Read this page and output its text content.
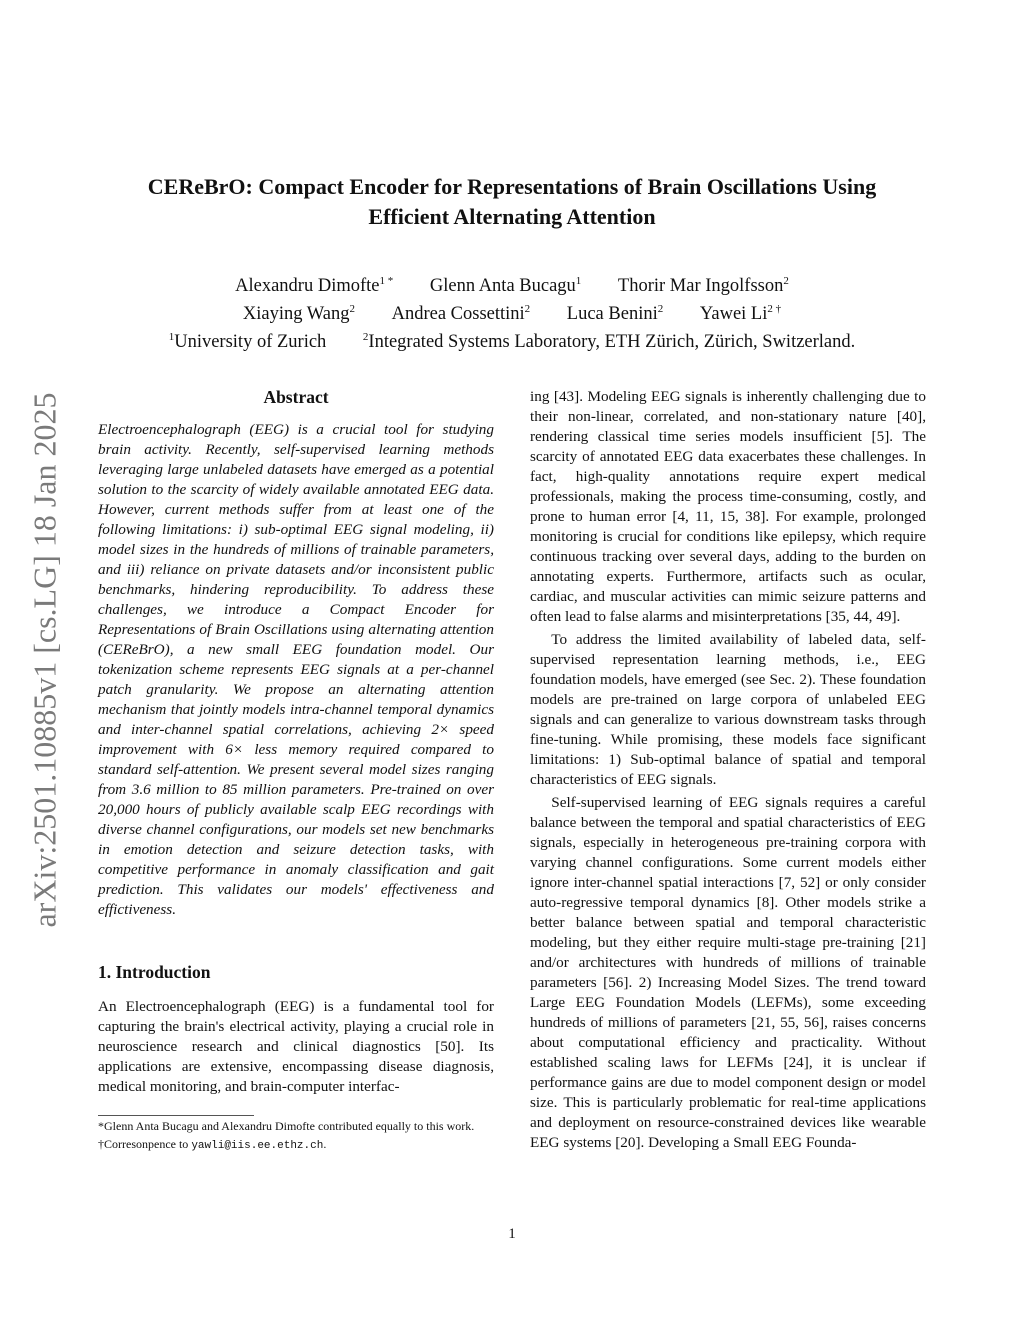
arXiv:2501.10885v1 [cs.LG] 18 Jan 2025
CEReBrO: Compact Encoder for Representations of Brain Oscillations Using
Efficient Alternating Attention
Alexandru Dimofte$^{1 *}$ Glenn Anta Bucagu$^1$ Thorir Mar Ingolfsson$^2$
Xiaying Wang$^2$ Andrea Cossettini$^2$ Luca Benini$^2$ Yawei $Li^{2 \dagger}$
$^1$University of Zurich	$^2$Integrated Systems Laboratory, ETH Zürich, Zürich, Switzerland.
Abstract

Electroencephalograph (EEG) is a crucial tool for studying brain activity. Recently, self-supervised learning methods leveraging large unlabeled datasets have emerged as a potential solution to the scarcity of widely available annotated EEG data. However, current methods suffer from at least one of the following limitations: i) sub-optimal EEG signal modeling, ii) model sizes in the hundreds of millions of trainable parameters, and iii) reliance on private datasets and/or inconsistent public benchmarks, hindering reproducibility. To address these challenges, we introduce a Compact Encoder for Representations of Brain Oscillations using alternating attention (CEReBrO), a new small EEG foundation model. Our tokenization scheme represents EEG signals at a per-channel patch granularity. We propose an alternating attention mechanism that jointly models intra-channel temporal dynamics and inter-channel spatial correlations, achieving 2× speed improvement with 6× less memory required compared to standard self-attention. We present several model sizes ranging from 3.6 million to 85 million parameters. Pre-trained on over 20,000 hours of publicly available scalp EEG recordings with diverse channel configurations, our models set new benchmarks in emotion detection and seizure detection tasks, with competitive performance in anomaly classification and gait prediction. This validates our models' effectiveness and effictiveness.

1. Introduction

An Electroencephalograph (EEG) is a fundamental tool for capturing the brain's electrical activity, playing a crucial role in neuroscience research and clinical diagnostics [50]. Its applications are extensive, encompassing disease diagnosis, medical monitoring, and brain-computer interfac-

*Glenn Anta Bucagu and Alexandru Dimofte contributed equally to this work.
†Corresonpence to yawli@iis.ee.ethz.ch.

ing [43]. Modeling EEG signals is inherently challenging due to their non-linear, correlated, and non-stationary nature [40], rendering classical time series models insufficient [5]. The scarcity of annotated EEG data exacerbates these challenges. In fact, high-quality annotations require expert medical professionals, making the process time-consuming, costly, and prone to human error [4, 11, 15, 38]. For example, prolonged monitoring is crucial for conditions like epilepsy, which require continuous tracking over several days, adding to the burden on annotating experts. Furthermore, artifacts such as ocular, cardiac, and muscular activities can mimic seizure patterns and often lead to false alarms and misinterpretations [35, 44, 49].

To address the limited availability of labeled data, self-supervised representation learning methods, i.e., EEG foundation models, have emerged (see Sec. 2). These foundation models are pre-trained on large corpora of unlabeled EEG signals and can generalize to various downstream tasks through fine-tuning. While promising, these models face significant limitations: 1) Sub-optimal balance of spatial and temporal characteristics of EEG signals.

Self-supervised learning of EEG signals requires a careful balance between the temporal and spatial characteristics of EEG signals, especially in heterogeneous pre-training corpora with varying channel configurations. Some current models either ignore inter-channel spatial interactions [7, 52] or only consider auto-regressive temporal dynamics [8]. Other models strike a better balance between spatial and temporal characteristic modeling, but they either require multi-stage pre-training [21] and/or architectures with hundreds of millions of trainable parameters [56]. 2) Increasing Model Sizes. The trend toward Large EEG Foundation Models (LEFMs), some exceeding hundreds of millions of parameters [21, 55, 56], raises concerns about computational efficiency and practicality. Without established scaling laws for LEFMs [24], it is unclear if performance gains are due to model component design or model size. This is particularly problematic for real-time applications and deployment on resource-constrained devices like wearable EEG systems [20]. Developing a Small EEG Founda-

1
